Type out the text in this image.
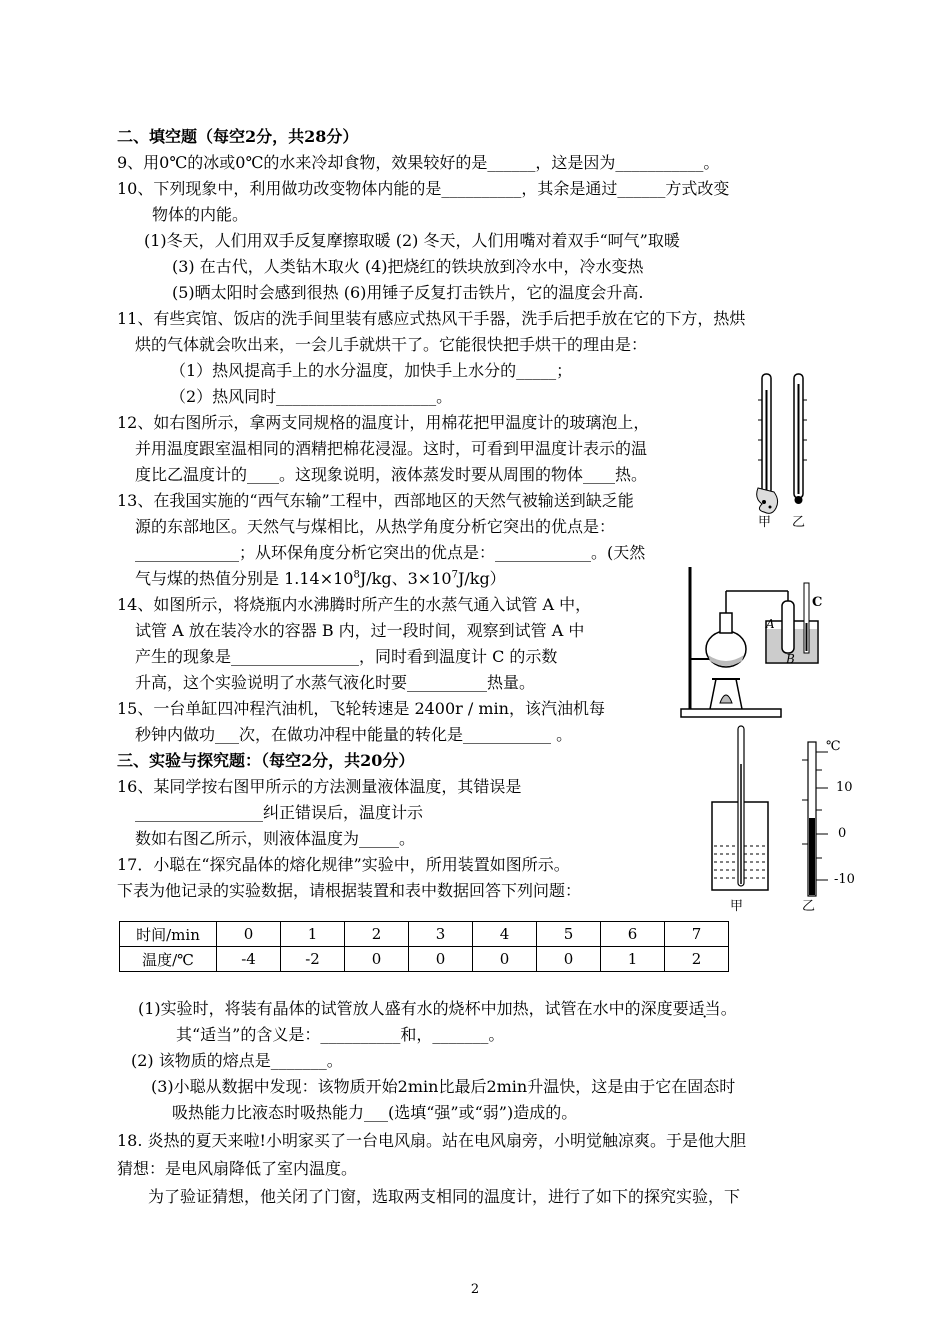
二、填空题（每空2分，共28分）
9、用0℃的冰或0℃的水来冷却食物，效果较好的是______，这是因为___________。
10、下列现象中，利用做功改变物体内能的是__________，其余是通过______方式改变
物体的内能。
(1)冬天，人们用双手反复摩擦取暖 (2) 冬天，人们用嘴对着双手“呵气”取暖
(3) 在古代，人类钻木取火 (4)把烧红的铁块放到冷水中，冷水变热
(5)晒太阳时会感到很热 (6)用锤子反复打击铁片，它的温度会升高.
11、有些宾馆、饭店的洗手间里装有感应式热风干手器，洗手后把手放在它的下方，热烘
烘的气体就会吹出来，一会儿手就烘干了。它能很快把手烘干的理由是：
（1）热风提高手上的水分温度，加快手上水分的_____；
（2）热风同时____________________。
12、如右图所示，拿两支同规格的温度计，用棉花把甲温度计的玻璃泡上，
并用温度跟室温相同的酒精把棉花浸湿。这时，可看到甲温度计表示的温
度比乙温度计的____。这现象说明，液体蒸发时要从周围的物体____热。
13、在我国实施的“西气东输”工程中，西部地区的天然气被输送到缺乏能
源的东部地区。天然气与煤相比，从热学角度分析它突出的优点是：
_____________；从环保角度分析它突出的优点是：____________。(天然
气与煤的热值分别是 $1.14\times 10^8J/kg$、$3\times 10^7J/kg$）
14、如图所示，将烧瓶内水沸腾时所产生的水蒸气通入试管 A 中，
试管 A 放在装冷水的容器 B 内，过一段时间，观察到试管 A 中
产生的现象是________________，同时看到温度计 C 的示数
升高，这个实验说明了水蒸气液化时要__________热量。
15、一台单缸四冲程汽油机，飞轮转速是 2400r / min，该汽油机每
秒钟内做功___次，在做功冲程中能量的转化是___________ 。
三、实验与探究题：（每空2分，共20分）
16、某同学按右图甲所示的方法测量液体温度，其错误是
________________纠正错误后，温度计示
数如右图乙所示，则液体温度为_____。
17．小聪在“探究晶体的熔化规律”实验中，所用装置如图所示。
下表为他记录的实验数据，请根据装置和表中数据回答下列问题：
时间/min	0	1	2	3	4	5	6	7
温度/℃	-4	-2	0	0	0	0	1	2
(1)实验时，将装有晶体的试管放人盛有水的烧杯中加热，试管在水中的深度要适当。
其“适当”的含义是：__________和，_______。
(2) 该物质的熔点是_______。
(3)小聪从数据中发现：该物质开始2min比最后2min升温快，这是由于它在固态时
吸热能力比液态时吸热能力___(选填“强”或“弱”)造成的。
18. 炎热的夏天来啦!小明家买了一台电风扇。站在电风扇旁，小明觉触凉爽。于是他大胆
猜想：是电风扇降低了室内温度。
为了验证猜想，他关闭了门窗，选取两支相同的温度计，进行了如下的探究实验，下
甲 乙
C
A
B
甲
℃
10
0
-10
乙
2
